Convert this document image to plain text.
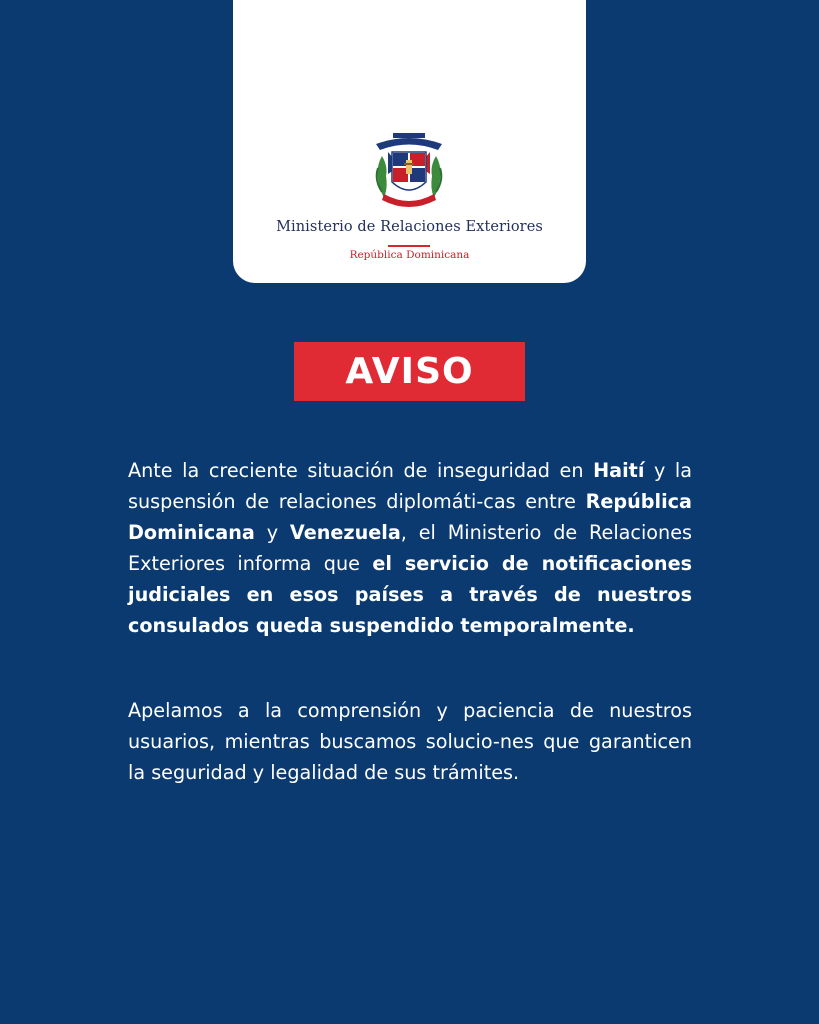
Ministerio de Relaciones Exteriores
República Dominicana
AVISO

Ante la creciente situación de inseguridad en Haití y la suspensión de relaciones diplomáti-cas entre República Dominicana y Venezuela, el Ministerio de Relaciones Exteriores informa que el servicio de notificaciones judiciales en esos países a través de nuestros consulados queda suspendido temporalmente.

Apelamos a la comprensión y paciencia de nuestros usuarios, mientras buscamos solucio-nes que garanticen la seguridad y legalidad de sus trámites.
